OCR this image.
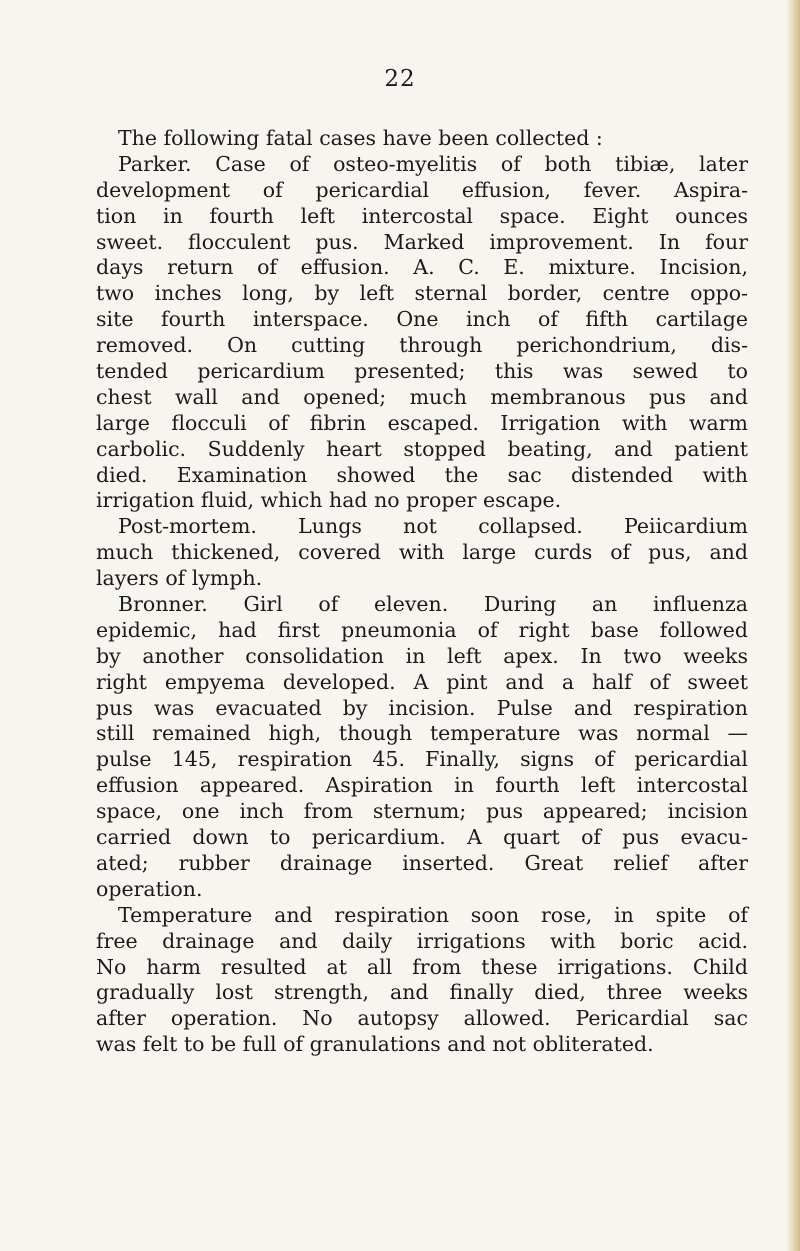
22
The following fatal cases have been collected :
Parker. Case of osteo-myelitis of both tibiæ, later
development of pericardial effusion, fever. Aspira-
tion in fourth left intercostal space. Eight ounces
sweet. flocculent pus. Marked improvement. In four
days return of effusion. A. C. E. mixture. Incision,
two inches long, by left sternal border, centre oppo-
site fourth interspace. One inch of fifth cartilage
removed. On cutting through perichondrium, dis-
tended pericardium presented; this was sewed to
chest wall and opened; much membranous pus and
large flocculi of fibrin escaped. Irrigation with warm
carbolic. Suddenly heart stopped beating, and patient
died. Examination showed the sac distended with
irrigation fluid, which had no proper escape.
Post-mortem. Lungs not collapsed. Peiicardium
much thickened, covered with large curds of pus, and
layers of lymph.
Bronner. Girl of eleven. During an influenza
epidemic, had first pneumonia of right base followed
by another consolidation in left apex. In two weeks
right empyema developed. A pint and a half of sweet
pus was evacuated by incision. Pulse and respiration
still remained high, though temperature was normal —
pulse 145, respiration 45. Finally, signs of pericardial
effusion appeared. Aspiration in fourth left intercostal
space, one inch from sternum; pus appeared; incision
carried down to pericardium. A quart of pus evacu-
ated; rubber drainage inserted. Great relief after
operation.
Temperature and respiration soon rose, in spite of
free drainage and daily irrigations with boric acid.
No harm resulted at all from these irrigations. Child
gradually lost strength, and finally died, three weeks
after operation. No autopsy allowed. Pericardial sac
was felt to be full of granulations and not obliterated.
